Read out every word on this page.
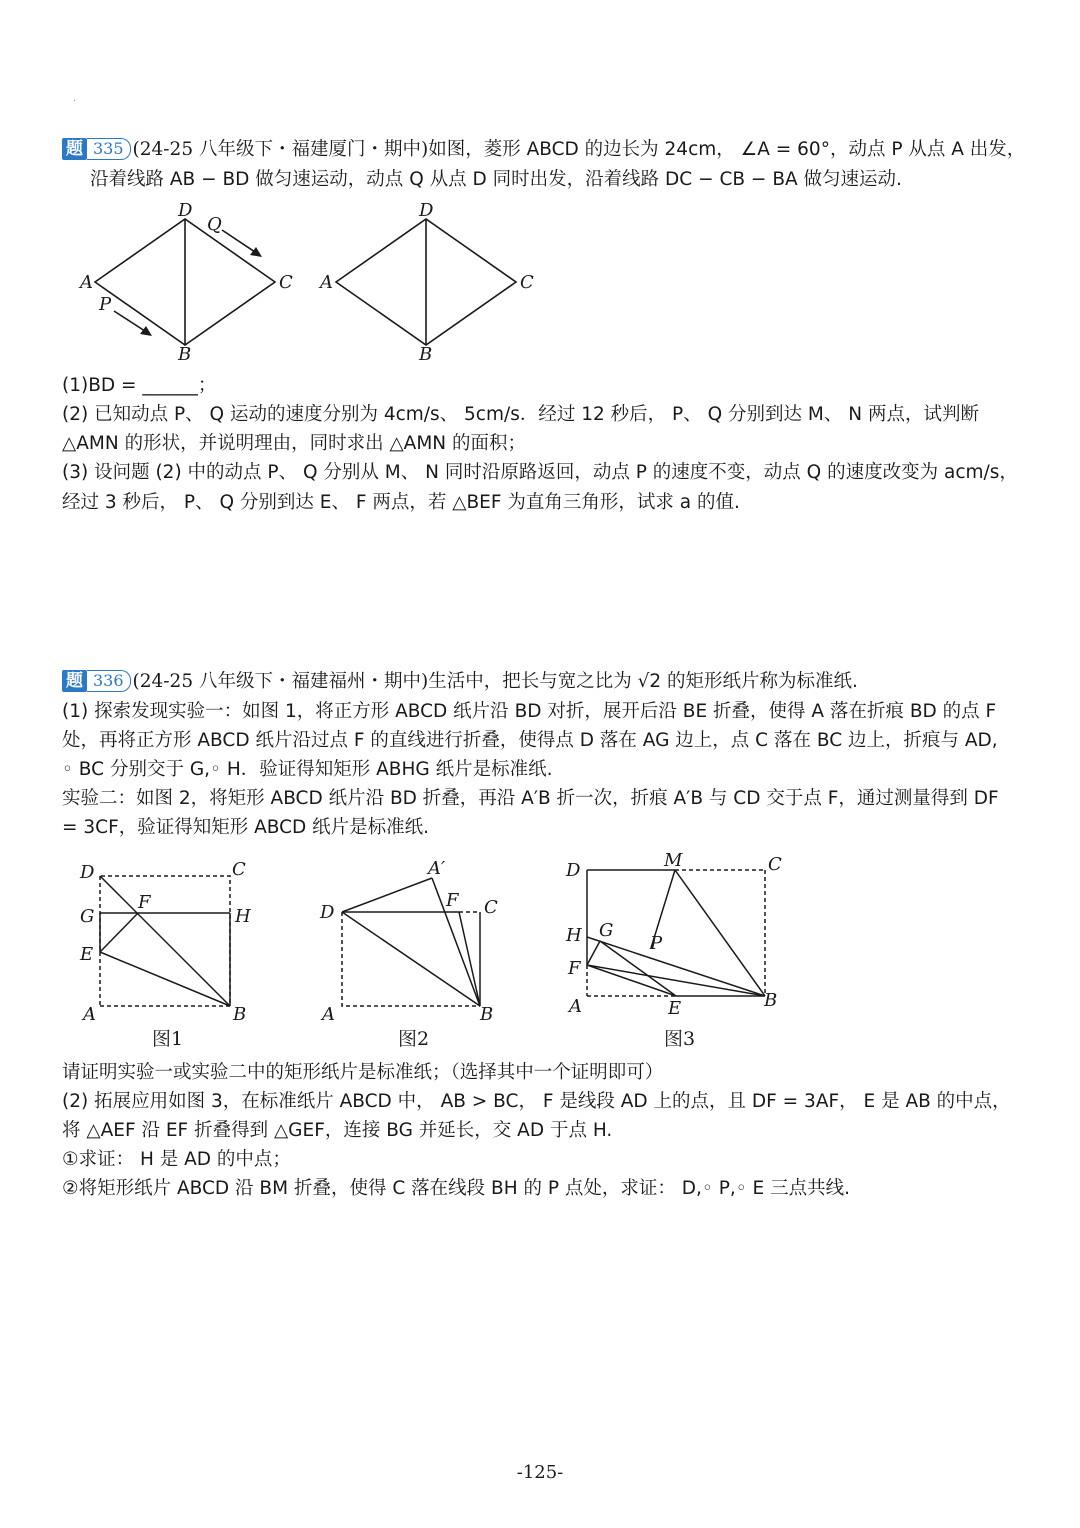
·
题 335 (24-25 八年级下・福建厦门・期中)如图，菱形 ABCD 的边长为 24cm， ∠A = 60°，动点 P 从点 A 出发，
沿着线路 AB − BD 做匀速运动，动点 Q 从点 D 同时出发，沿着线路 DC − CB − BA 做匀速运动.
D
Q
A	C
P
B
D
A	C
B
(1)BD = ______；
(2) 已知动点 P、 Q 运动的速度分别为 4cm/s、 5cm/s．经过 12 秒后， P、 Q 分别到达 M、 N 两点，试判断
△AMN 的形状，并说明理由，同时求出 △AMN 的面积；
(3) 设问题 (2) 中的动点 P、 Q 分别从 M、 N 同时沿原路返回，动点 P 的速度不变，动点 Q 的速度改变为 acm/s，
经过 3 秒后， P、 Q 分别到达 E、 F 两点，若 △BEF 为直角三角形，试求 a 的值.
题 336 (24-25 八年级下・福建福州・期中)生活中，把长与宽之比为 √2 的矩形纸片称为标准纸.
(1) 探索发现实验一：如图 1，将正方形 ABCD 纸片沿 BD 对折，展开后沿 BE 折叠，使得 A 落在折痕 BD 的点 F
处，再将正方形 ABCD 纸片沿过点 F 的直线进行折叠，使得点 D 落在 AG 边上，点 C 落在 BC 边上，折痕与 AD,
◦ BC 分别交于 G,◦ H．验证得知矩形 ABHG 纸片是标准纸.
实验二：如图 2，将矩形 ABCD 纸片沿 BD 折叠，再沿 A′B 折一次，折痕 A′B 与 CD 交于点 F，通过测量得到 DF
= 3CF，验证得知矩形 ABCD 纸片是标准纸.
D	C
G
F
H
E
A	B
图1
A′
D
F C
A	B
图2
D	M	C
H G
P
F
A	E	B
图3
请证明实验一或实验二中的矩形纸片是标准纸；（选择其中一个证明即可）
(2) 拓展应用如图 3，在标准纸片 ABCD 中， AB > BC， F 是线段 AD 上的点，且 DF = 3AF， E 是 AB 的中点，
将 △AEF 沿 EF 折叠得到 △GEF，连接 BG 并延长，交 AD 于点 H.
①求证： H 是 AD 的中点；
②将矩形纸片 ABCD 沿 BM 折叠，使得 C 落在线段 BH 的 P 点处，求证： D,◦ P,◦ E 三点共线.
-125-
